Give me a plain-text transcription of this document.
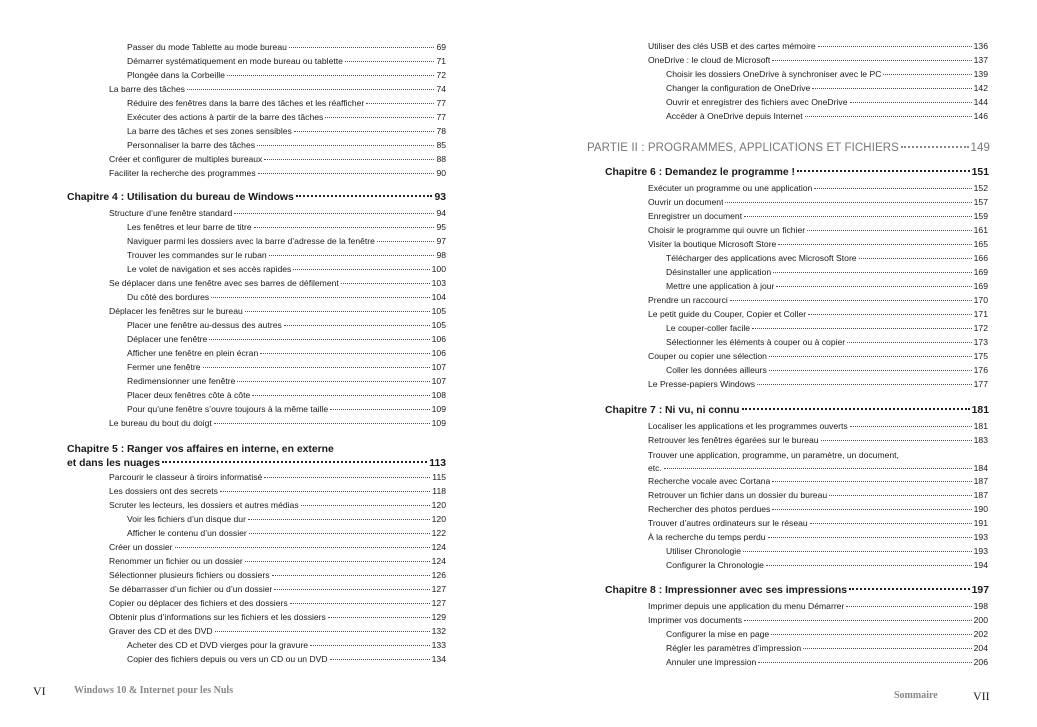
Passer du mode Tablette au mode bureau	69
Démarrer systématiquement en mode bureau ou tablette	71
Plongée dans la Corbeille	72
La barre des tâches	74
Réduire des fenêtres dans la barre des tâches et les réafficher	77
Exécuter des actions à partir de la barre des tâches	77
La barre des tâches et ses zones sensibles	78
Personnaliser la barre des tâches	85
Créer et configurer de multiples bureaux	88
Faciliter la recherche des programmes	90
Chapitre 4 : Utilisation du bureau de Windows	93
Structure d’une fenêtre standard	94
Les fenêtres et leur barre de titre	95
Naviguer parmi les dossiers avec la barre d’adresse de la fenêtre	97
Trouver les commandes sur le ruban	98
Le volet de navigation et ses accès rapides	100
Se déplacer dans une fenêtre avec ses barres de défilement	103
Du côté des bordures	104
Déplacer les fenêtres sur le bureau	105
Placer une fenêtre au-dessus des autres	105
Déplacer une fenêtre	106
Afficher une fenêtre en plein écran	106
Fermer une fenêtre	107
Redimensionner une fenêtre	107
Placer deux fenêtres côte à côte	108
Pour qu’une fenêtre s’ouvre toujours à la même taille	109
Le bureau du bout du doigt	109
Chapitre 5 : Ranger vos affaires en interne, en externe
et dans les nuages	113
Parcourir le classeur à tiroirs informatisé	115
Les dossiers ont des secrets	118
Scruter les lecteurs, les dossiers et autres médias	120
Voir les fichiers d’un disque dur	120
Afficher le contenu d’un dossier	122
Créer un dossier	124
Renommer un fichier ou un dossier	124
Sélectionner plusieurs fichiers ou dossiers	126
Se débarrasser d’un fichier ou d’un dossier	127
Copier ou déplacer des fichiers et des dossiers	127
Obtenir plus d’informations sur les fichiers et les dossiers	129
Graver des CD et des DVD	132
Acheter des CD et DVD vierges pour la gravure	133
Copier des fichiers depuis ou vers un CD ou un DVD	134
VI	Windows 10 & Internet pour les Nuls
Utiliser des clés USB et des cartes mémoire	136
OneDrive : le cloud de Microsoft	137
Choisir les dossiers OneDrive à synchroniser avec le PC	139
Changer la configuration de OneDrive	142
Ouvrir et enregistrer des fichiers avec OneDrive	144
Accéder à OneDrive depuis Internet	146
PARTIE II : PROGRAMMES, APPLICATIONS ET FICHIERS	149
Chapitre 6 : Demandez le programme !	151
Exécuter un programme ou une application	152
Ouvrir un document	157
Enregistrer un document	159
Choisir le programme qui ouvre un fichier	161
Visiter la boutique Microsoft Store	165
Télécharger des applications avec Microsoft Store	166
Désinstaller une application	169
Mettre une application à jour	169
Prendre un raccourci	170
Le petit guide du Couper, Copier et Coller	171
Le couper-coller facile	172
Sélectionner les éléments à couper ou à copier	173
Couper ou copier une sélection	175
Coller les données ailleurs	176
Le Presse-papiers Windows	177
Chapitre 7 : Ni vu, ni connu	181
Localiser les applications et les programmes ouverts	181
Retrouver les fenêtres égarées sur le bureau	183
Trouver une application, programme, un paramètre, un document,
etc.	184
Recherche vocale avec Cortana	187
Retrouver un fichier dans un dossier du bureau	187
Rechercher des photos perdues	190
Trouver d’autres ordinateurs sur le réseau	191
À la recherche du temps perdu	193
Utiliser Chronologie	193
Configurer la Chronologie	194
Chapitre 8 : Impressionner avec ses impressions	197
Imprimer depuis une application du menu Démarrer	198
Imprimer vos documents	200
Configurer la mise en page	202
Régler les paramètres d’impression	204
Annuler une impression	206
Sommaire	VII
